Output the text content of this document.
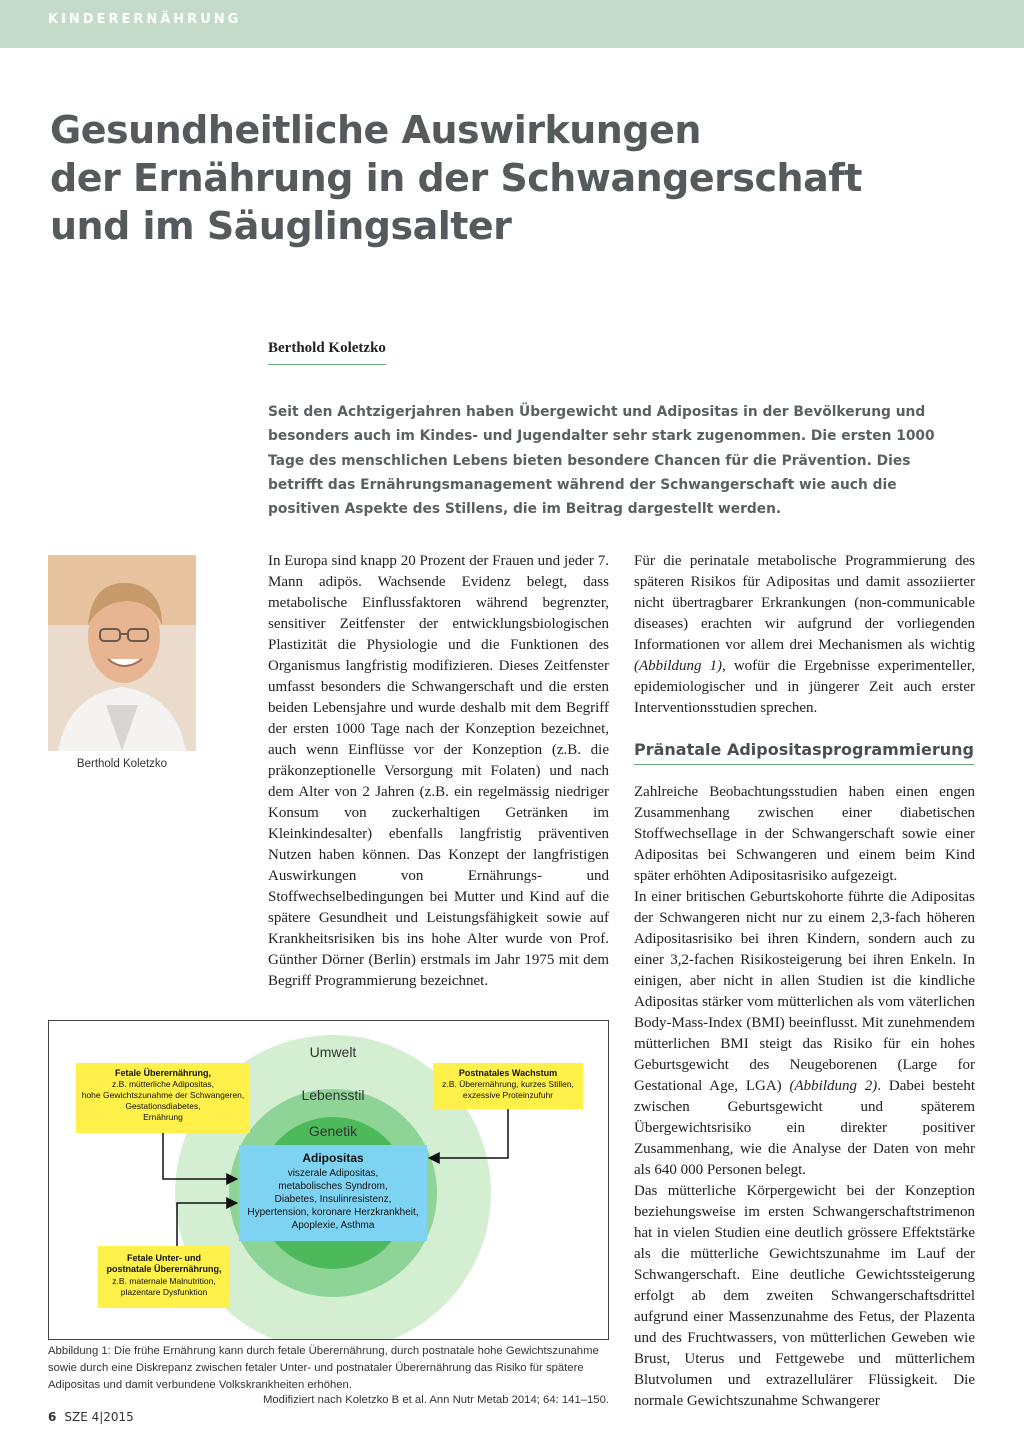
KINDERERNÄHRUNG
Gesundheitliche Auswirkungen
der Ernährung in der Schwangerschaft
und im Säuglingsalter
Berthold Koletzko

Seit den Achtzigerjahren haben Übergewicht und Adipositas in der Bevölkerung und besonders auch im Kindes- und Jugendalter sehr stark zugenommen. Die ersten 1000 Tage des menschlichen Lebens bieten besondere Chancen für die Prävention. Dies betrifft das Ernährungsmanagement während der Schwangerschaft wie auch die positiven Aspekte des Stillens, die im Beitrag dargestellt werden.

Berthold Koletzko

In Europa sind knapp 20 Prozent der Frauen und jeder 7. Mann adipös. Wachsende Evidenz belegt, dass metabolische Einflussfaktoren während begrenzter, sensitiver Zeitfenster der entwicklungsbiologischen Plastizität die Physiologie und die Funktionen des Organismus langfristig modifizieren. Dieses Zeitfenster umfasst besonders die Schwangerschaft und die ersten beiden Lebensjahre und wurde deshalb mit dem Begriff der ersten 1000 Tage nach der Konzeption bezeichnet, auch wenn Einflüsse vor der Konzeption (z.B. die präkonzeptionelle Versorgung mit Folaten) und nach dem Alter von 2 Jahren (z.B. ein regelmässig niedriger Konsum von zuckerhaltigen Getränken im Kleinkindesalter) ebenfalls langfristig präventiven Nutzen haben können. Das Konzept der langfristigen Auswirkungen von Ernährungs- und Stoffwechselbedingungen bei Mutter und Kind auf die spätere Gesundheit und Leistungsfähigkeit sowie auf Krankheitsrisiken bis ins hohe Alter wurde von Prof. Günther Dörner (Berlin) erstmals im Jahr 1975 mit dem Begriff Programmierung bezeichnet.

Für die perinatale metabolische Programmierung des späteren Risikos für Adipositas und damit assoziierter nicht übertragbarer Erkrankungen (non-communicable diseases) erachten wir aufgrund der vorliegenden Informationen vor allem drei Mechanismen als wichtig (Abbildung 1), wofür die Ergebnisse experimenteller, epidemiologischer und in jüngerer Zeit auch erster Interventionsstudien sprechen.

Pränatale Adipositasprogrammierung

Zahlreiche Beobachtungsstudien haben einen engen Zusammenhang zwischen einer diabetischen Stoffwechsellage in der Schwangerschaft sowie einer Adipositas bei Schwangeren und einem beim Kind später erhöhten Adipositasrisiko aufgezeigt.

In einer britischen Geburtskohorte führte die Adipositas der Schwangeren nicht nur zu einem 2,3-fach höheren Adipositasrisiko bei ihren Kindern, sondern auch zu einer 3,2-fachen Risikosteigerung bei ihren Enkeln. In einigen, aber nicht in allen Studien ist die kindliche Adipositas stärker vom mütterlichen als vom väterlichen Body-Mass-Index (BMI) beeinflusst. Mit zunehmendem mütterlichen BMI steigt das Risiko für ein hohes Geburtsgewicht des Neugeborenen (Large for Gestational Age, LGA) (Abbildung 2). Dabei besteht zwischen Geburtsgewicht und späterem Übergewichtsrisiko ein direkter positiver Zusammenhang, wie die Analyse der Daten von mehr als 640 000 Personen belegt.

Das mütterliche Körpergewicht bei der Konzeption beziehungsweise im ersten Schwangerschaftstrimenon hat in vielen Studien eine deutlich grössere Effektstärke als die mütterliche Gewichtszunahme im Lauf der Schwangerschaft. Eine deutliche Gewichtssteigerung erfolgt ab dem zweiten Schwangerschaftsdrittel aufgrund einer Massenzunahme des Fetus, der Plazenta und des Fruchtwassers, von mütterlichen Geweben wie Brust, Uterus und Fettgewebe und mütterlichem Blutvolumen und extrazellulärer Flüssigkeit. Die normale Gewichtszunahme Schwangerer

Umwelt
Lebensstil
Genetik
Adipositas
viszerale Adipositas,
metabolisches Syndrom,
Diabetes, Insulinresistenz,
Hypertension, koronare Herzkrankheit,
Apoplexie, Asthma
Fetale Überernährung,
z.B. mütterliche Adipositas,
hohe Gewichtszunahme der Schwangeren,
Gestationsdiabetes,
Ernährung
Postnatales Wachstum
z.B. Überernährung, kurzes Stillen,
exzessive Proteinzufuhr
Fetale Unter- und
postnatale Überernährung,
z.B. maternale Malnutrition,
plazentare Dysfunktion

Abbildung 1: Die frühe Ernährung kann durch fetale Überernährung, durch postnatale hohe Gewichtszunahme sowie durch eine Diskrepanz zwischen fetaler Unter- und postnataler Überernährung das Risiko für spätere Adipositas und damit verbundene Volkskrankheiten erhöhen.

Modifiziert nach Koletzko B et al. Ann Nutr Metab 2014; 64: 141–150.

6 SZE 4|2015
